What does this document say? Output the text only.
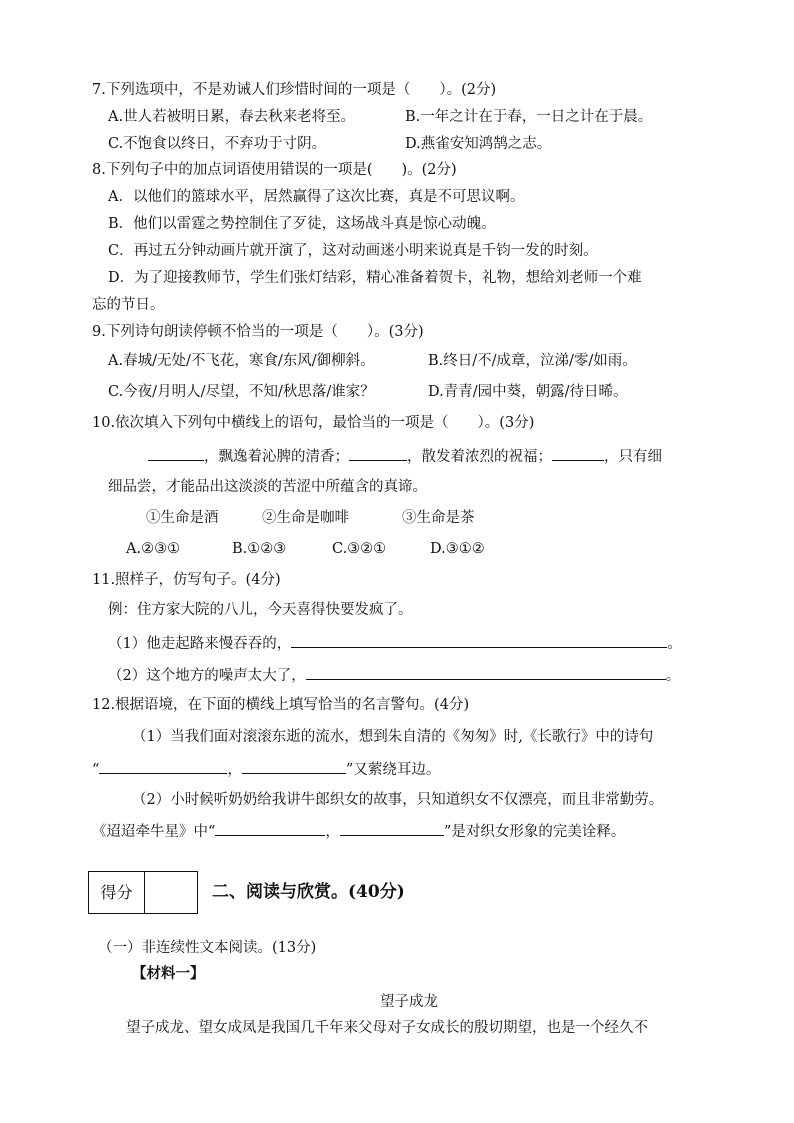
7.下列选项中，不是劝诫人们珍惜时间的一项是（　　）。(2分)
A.世人若被明日累，春去秋来老将至。	B.一年之计在于春，一日之计在于晨。
C.不饱食以终日，不弃功于寸阴。	D.燕雀安知鸿鹄之志。
8.下列句子中的加点词语使用错误的一项是(　　)。(2分)
A．以他们的篮球水平，居然赢得了这次比赛，真是不可思议啊。
B．他们以雷霆之势控制住了歹徒，这场战斗真是惊心动魄。
C．再过五分钟动画片就开演了，这对动画迷小明来说真是千钧一发的时刻。
D．为了迎接教师节，学生们张灯结彩，精心准备着贺卡，礼物，想给刘老师一个难
忘的节日。
9.下列诗句朗读停顿不恰当的一项是（　　）。(3分)
A.春城/无处/不飞花，寒食/东风/御柳斜。	B.终日/不/成章，泣涕/零/如雨。
C.今夜/月明人/尽望，不知/秋思落/谁家？	D.青青/园中葵，朝露/待日晞。
10.依次填入下列句中横线上的语句，最恰当的一项是（　　）。(3分)
，飘逸着沁脾的清香；	，散发着浓烈的祝福；	，只有细
细品尝，才能品出这淡淡的苦涩中所蕴含的真谛。
①生命是酒	②生命是咖啡	③生命是茶
A.②③①	B.①②③	C.③②①	D.③①②
11.照样子，仿写句子。(4分)
例：住方家大院的八儿，今天喜得快要发疯了。
（1）他走起路来慢吞吞的，	。
（2）这个地方的噪声太大了，	。
12.根据语境，在下面的横线上填写恰当的名言警句。(4分)
（1）当我们面对滚滚东逝的流水，想到朱自清的《匆匆》时,《长歌行》中的诗句
“	，	”又萦绕耳边。
（2）小时候听奶奶给我讲牛郎织女的故事，只知道织女不仅漂亮，而且非常勤劳。
《迢迢牵牛星》中“	，	”是对织女形象的完美诠释。
得分	二、阅读与欣赏。(40分)
（一）非连续性文本阅读。(13分)
【材料一】
望子成龙
望子成龙、望女成凤是我国几千年来父母对子女成长的殷切期望，也是一个经久不
